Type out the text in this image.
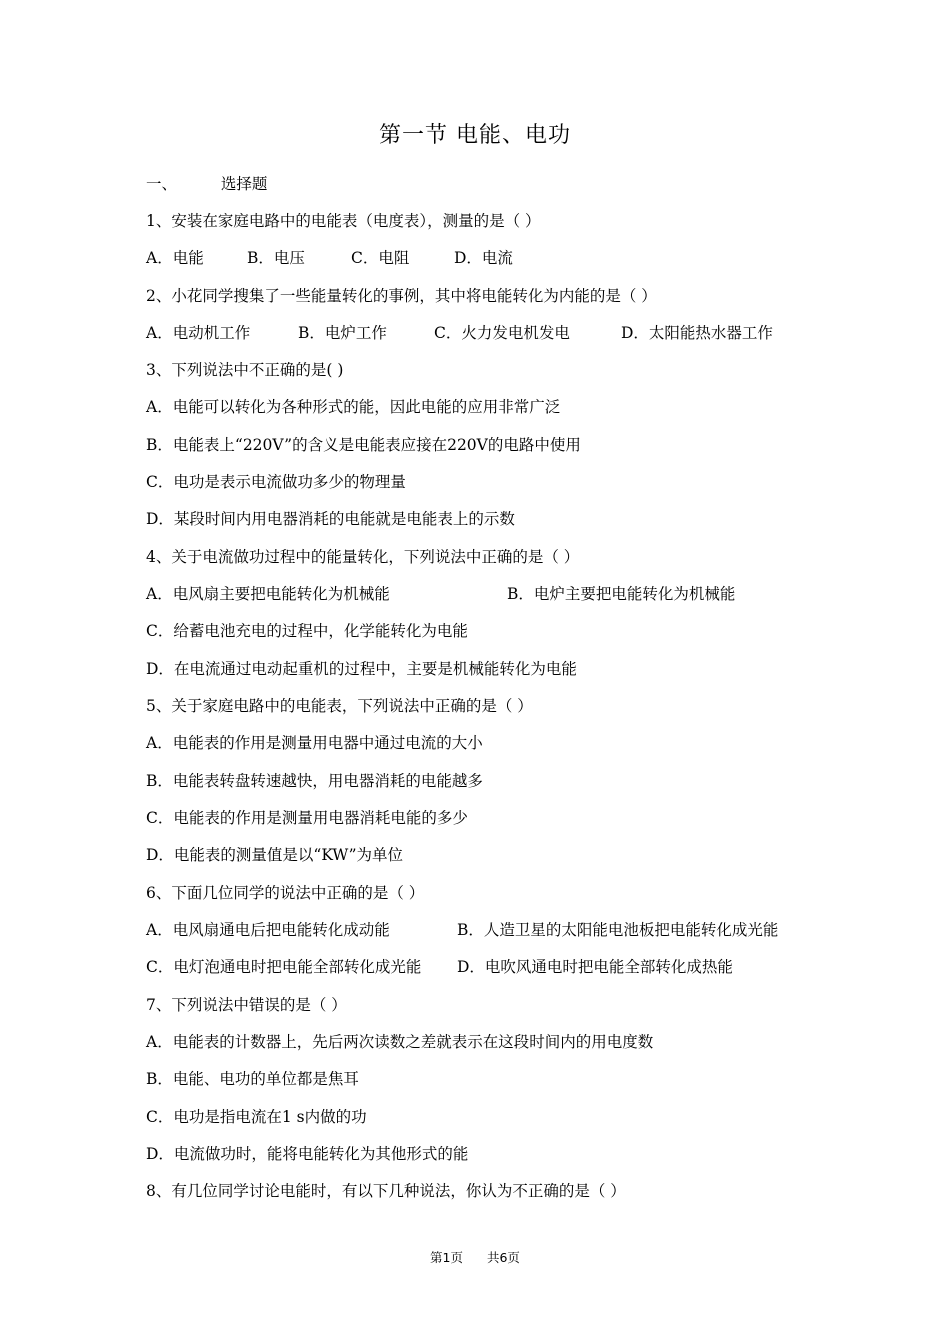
第一节 电能、电功
一、	选择题
1、安装在家庭电路中的电能表（电度表），测量的是（ ）
A．电能	B．电压	C．电阻	D．电流
2、小花同学搜集了一些能量转化的事例，其中将电能转化为内能的是（ ）
A．电动机工作	B．电炉工作	C．火力发电机发电	D．太阳能热水器工作
3、下列说法中不正确的是( )
A．电能可以转化为各种形式的能，因此电能的应用非常广泛
B．电能表上“220V”的含义是电能表应接在220V的电路中使用
C．电功是表示电流做功多少的物理量
D．某段时间内用电器消耗的电能就是电能表上的示数
4、关于电流做功过程中的能量转化，下列说法中正确的是（ ）
A．电风扇主要把电能转化为机械能	B．电炉主要把电能转化为机械能
C．给蓄电池充电的过程中，化学能转化为电能
D．在电流通过电动起重机的过程中，主要是机械能转化为电能
5、关于家庭电路中的电能表，下列说法中正确的是（ ）
A．电能表的作用是测量用电器中通过电流的大小
B．电能表转盘转速越快，用电器消耗的电能越多
C．电能表的作用是测量用电器消耗电能的多少
D．电能表的测量值是以“KW”为单位
6、下面几位同学的说法中正确的是（ ）
A．电风扇通电后把电能转化成动能	B．人造卫星的太阳能电池板把电能转化成光能
C．电灯泡通电时把电能全部转化成光能 D．电吹风通电时把电能全部转化成热能
7、下列说法中错误的是（ ）
A．电能表的计数器上，先后两次读数之差就表示在这段时间内的用电度数
B．电能、电功的单位都是焦耳
C．电功是指电流在1 s内做的功
D．电流做功时，能将电能转化为其他形式的能
8、有几位同学讨论电能时，有以下几种说法，你认为不正确的是（ ）
第1页 共6页
